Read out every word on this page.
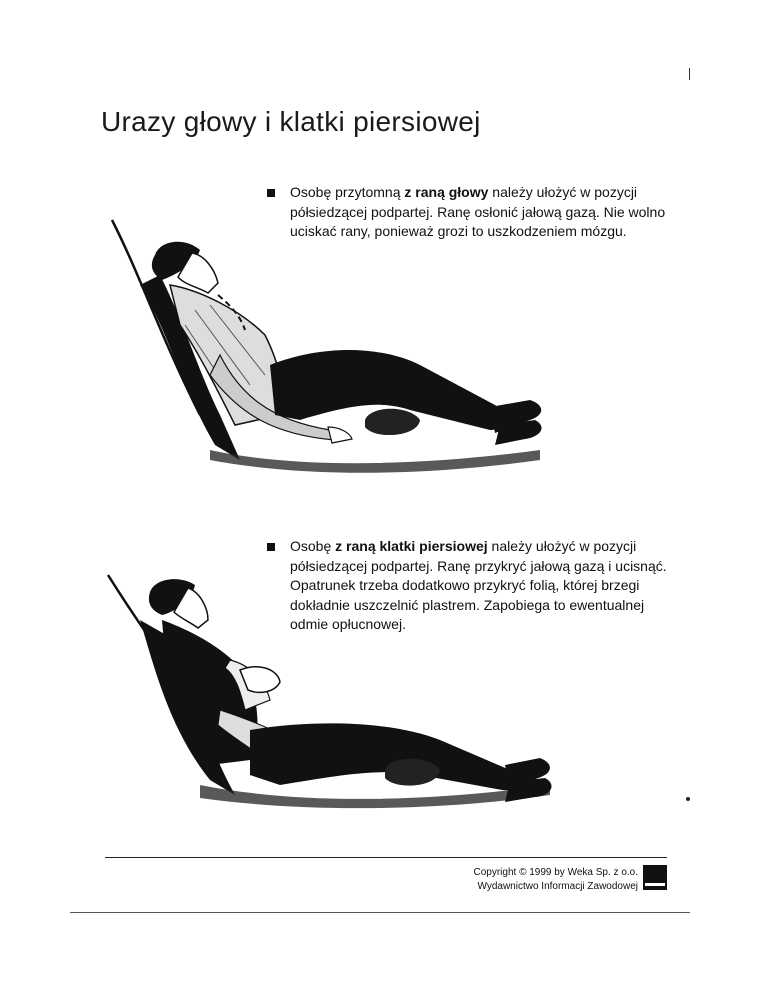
Urazy głowy i klatki piersiowej

Osobę przytomną z raną głowy należy ułożyć w pozycji półsiedzącej podpartej. Ranę osłonić jałową gazą. Nie wolno uciskać rany, ponieważ grozi to uszkodzeniem mózgu.

Osobę z raną klatki piersiowej należy ułożyć w pozycji półsiedzącej podpartej. Ranę przykryć jałową gazą i ucisnąć. Opatrunek trzeba dodatkowo przykryć folią, której brzegi dokładnie uszczelnić plastrem. Zapobiega to ewentualnej odmie opłucnowej.

Copyright © 1999 by Weka Sp. z o.o.
Wydawnictwo Informacji Zawodowej
